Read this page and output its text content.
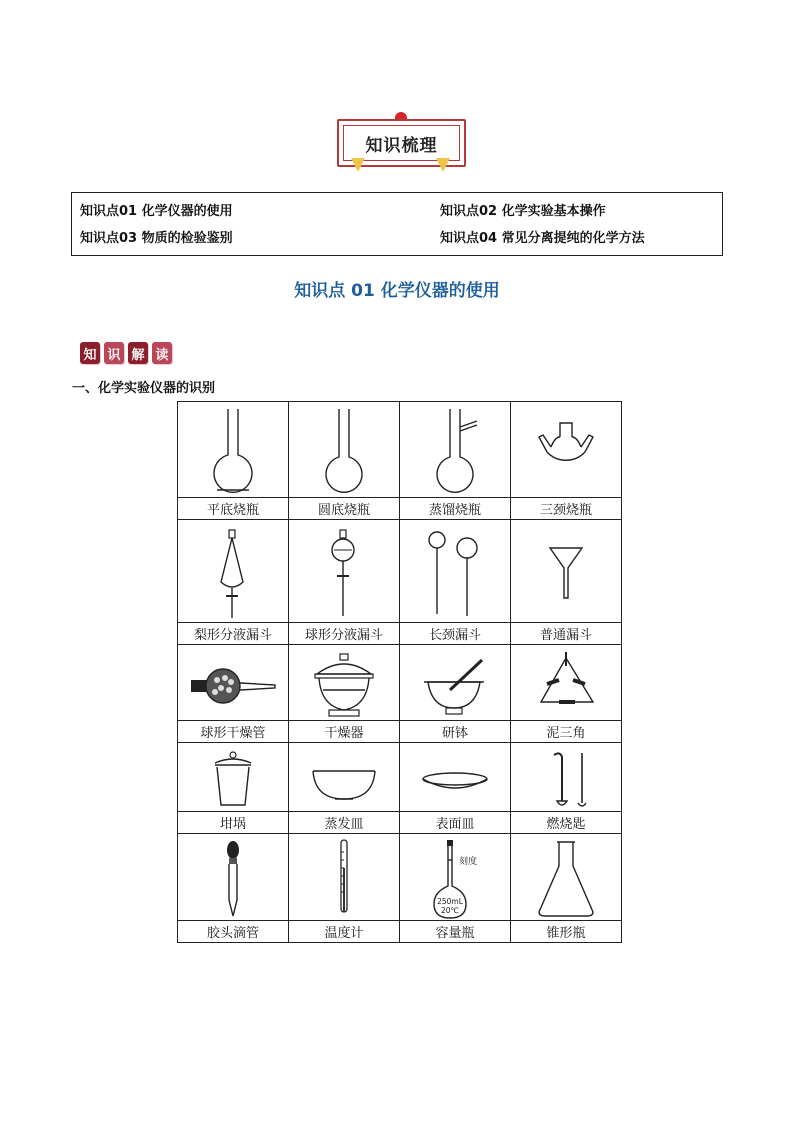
知识梳理
知识点01 化学仪器的使用	知识点02 化学实验基本操作
知识点03 物质的检验鉴别	知识点04 常见分离提纯的化学方法
知识点 01 化学仪器的使用
知 识 解 读
一、化学实验仪器的识别

平底烧瓶	圆底烧瓶	蒸馏烧瓶	三颈烧瓶

梨形分液漏斗	球形分液漏斗	长颈漏斗	普通漏斗

球形干燥管	干燥器	研钵	泥三角

坩埚	蒸发皿	表面皿	燃烧匙

刻度
250mL
20℃

胶头滴管	温度计	容量瓶	锥形瓶
